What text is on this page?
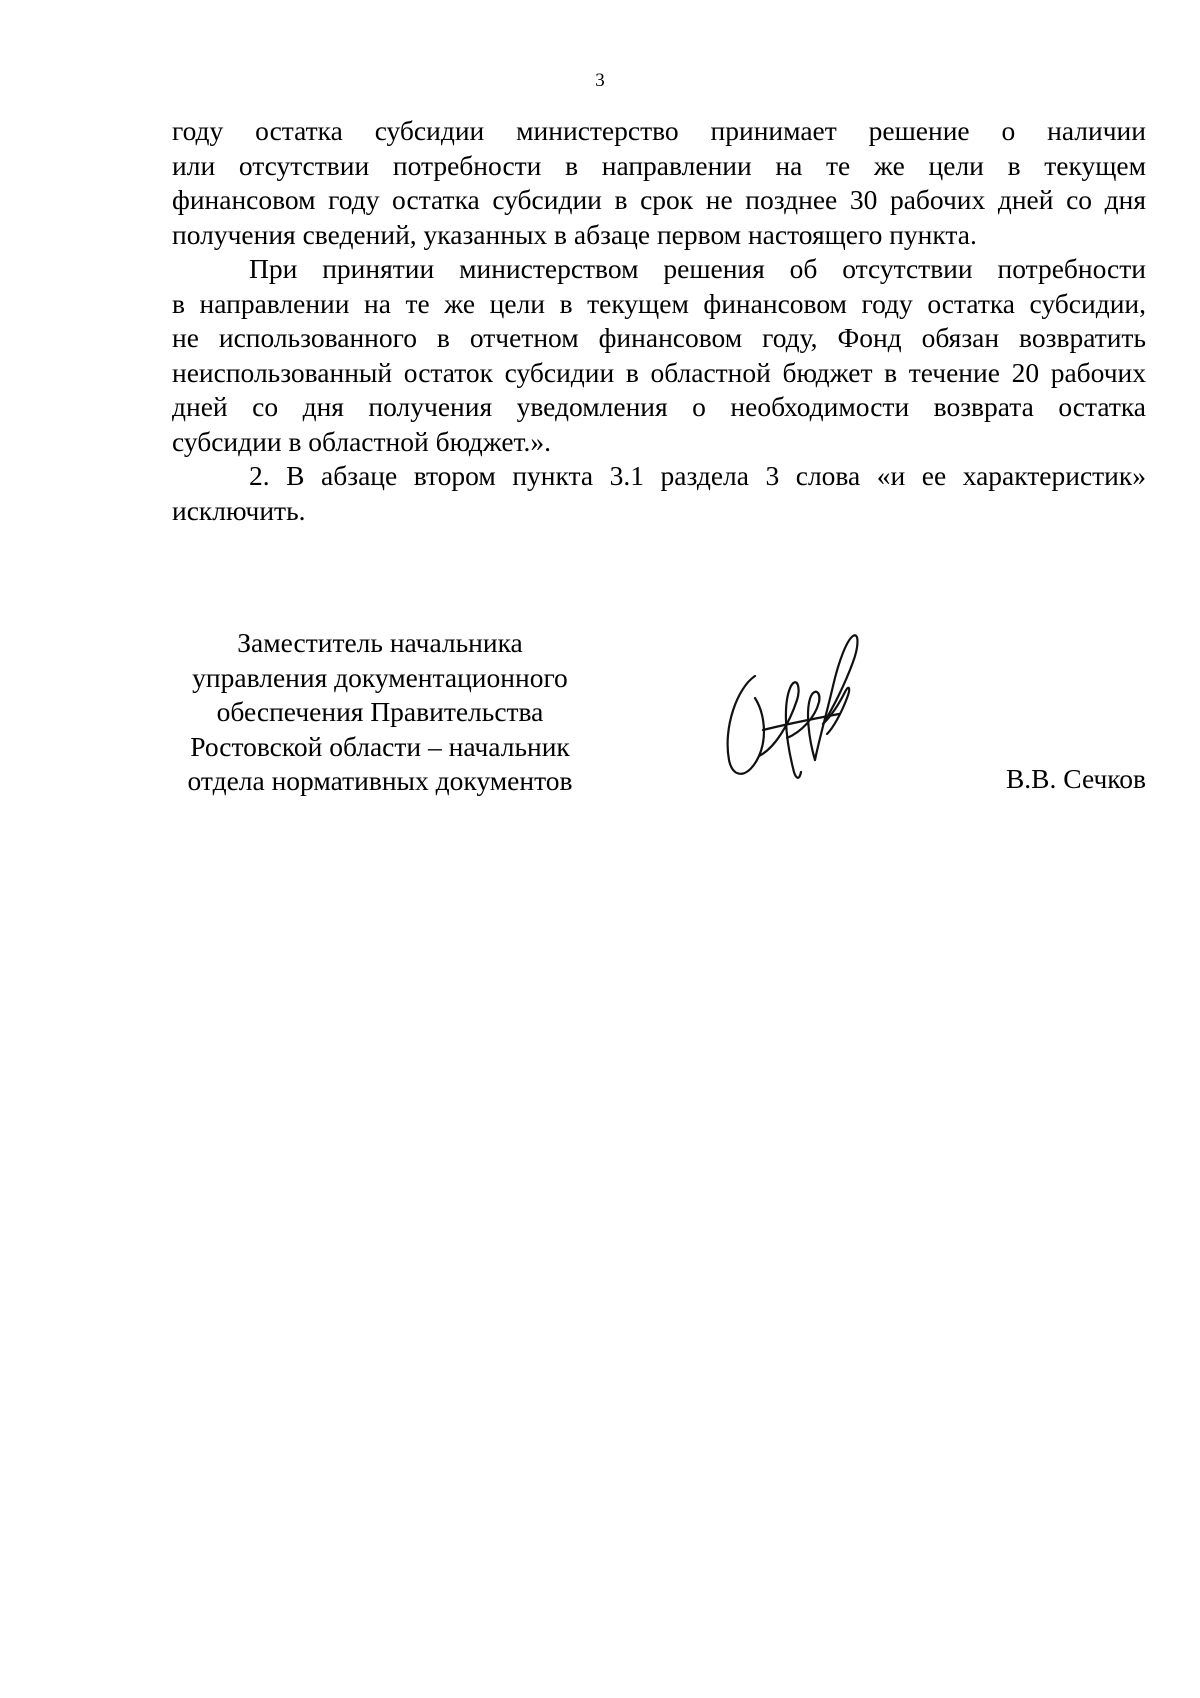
3
году остатка субсидии министерство принимает решение о наличии
или отсутствии потребности в направлении на те же цели в текущем
финансовом году остатка субсидии в срок не позднее 30 рабочих дней со дня
получения сведений, указанных в абзаце первом настоящего пункта.
При принятии министерством решения об отсутствии потребности
в направлении на те же цели в текущем финансовом году остатка субсидии,
не использованного в отчетном финансовом году, Фонд обязан возвратить
неиспользованный остаток субсидии в областной бюджет в течение 20 рабочих
дней со дня получения уведомления о необходимости возврата остатка
субсидии в областной бюджет.».
2. В абзаце втором пункта 3.1 раздела 3 слова «и ее характеристик»
исключить.
Заместитель начальника
управления документационного
обеспечения Правительства
Ростовской области – начальник
отдела нормативных документов	В.В. Сечков
